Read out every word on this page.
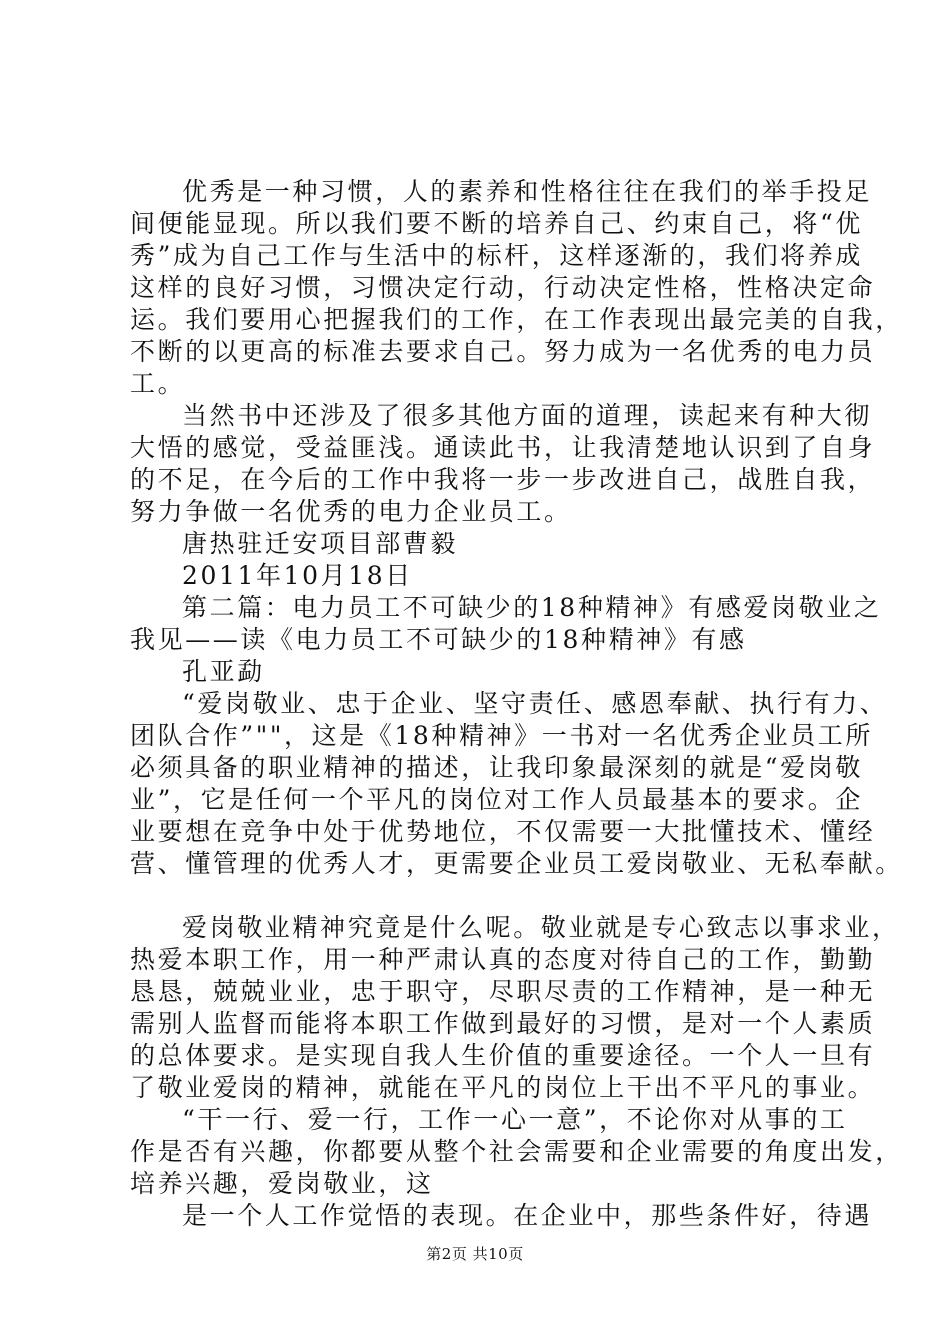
优秀是一种习惯，人的素养和性格往往在我们的举手投足
间便能显现。所以我们要不断的培养自己、约束自己，将“优
秀”成为自己工作与生活中的标杆，这样逐渐的，我们将养成
这样的良好习惯，习惯决定行动，行动决定性格，性格决定命
运。我们要用心把握我们的工作，在工作表现出最完美的自我，
不断的以更高的标准去要求自己。努力成为一名优秀的电力员
工。
当然书中还涉及了很多其他方面的道理，读起来有种大彻
大悟的感觉，受益匪浅。通读此书，让我清楚地认识到了自身
的不足，在今后的工作中我将一步一步改进自己，战胜自我，
努力争做一名优秀的电力企业员工。
唐热驻迁安项目部曹毅
2011年10月18日
第二篇：电力员工不可缺少的18种精神》有感爱岗敬业之
我见——读《电力员工不可缺少的18种精神》有感
孔亚勐
“爱岗敬业、忠于企业、坚守责任、感恩奉献、执行有力、
团队合作”""，这是《18种精神》一书对一名优秀企业员工所
必须具备的职业精神的描述，让我印象最深刻的就是“爱岗敬
业”，它是任何一个平凡的岗位对工作人员最基本的要求。企
业要想在竞争中处于优势地位，不仅需要一大批懂技术、懂经
营、懂管理的优秀人才，更需要企业员工爱岗敬业、无私奉献。
爱岗敬业精神究竟是什么呢。敬业就是专心致志以事求业，
热爱本职工作，用一种严肃认真的态度对待自己的工作，勤勤
恳恳，兢兢业业，忠于职守，尽职尽责的工作精神，是一种无
需别人监督而能将本职工作做到最好的习惯，是对一个人素质
的总体要求。是实现自我人生价值的重要途径。一个人一旦有
了敬业爱岗的精神，就能在平凡的岗位上干出不平凡的事业。
“干一行、爱一行，工作一心一意”，不论你对从事的工
作是否有兴趣，你都要从整个社会需要和企业需要的角度出发，
培养兴趣，爱岗敬业，这
是一个人工作觉悟的表现。在企业中，那些条件好，待遇
第2页 共10页
